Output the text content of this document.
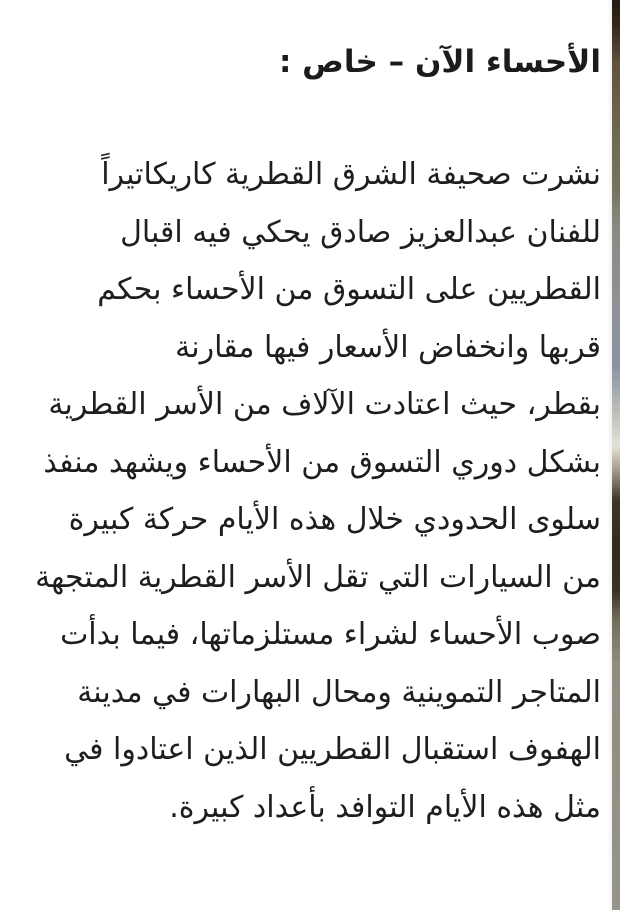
الأحساء الآن – خاص :
نشرت صحيفة الشرق القطرية كاريكاتيراً
للفنان عبدالعزيز صادق يحكي فيه اقبال
القطريين على التسوق من الأحساء بحكم
قربها وانخفاض الأسعار فيها مقارنة
بقطر، حيث اعتادت الآلاف من الأسر القطرية
بشكل دوري التسوق من الأحساء ويشهد منفذ
سلوى الحدودي خلال هذه الأيام حركة كبيرة
من السيارات التي تقل الأسر القطرية المتجهة
صوب الأحساء لشراء مستلزماتها، فيما بدأت
المتاجر التموينية ومحال البهارات في مدينة
الهفوف استقبال القطريين الذين اعتادوا في
مثل هذه الأيام التوافد بأعداد كبيرة.
